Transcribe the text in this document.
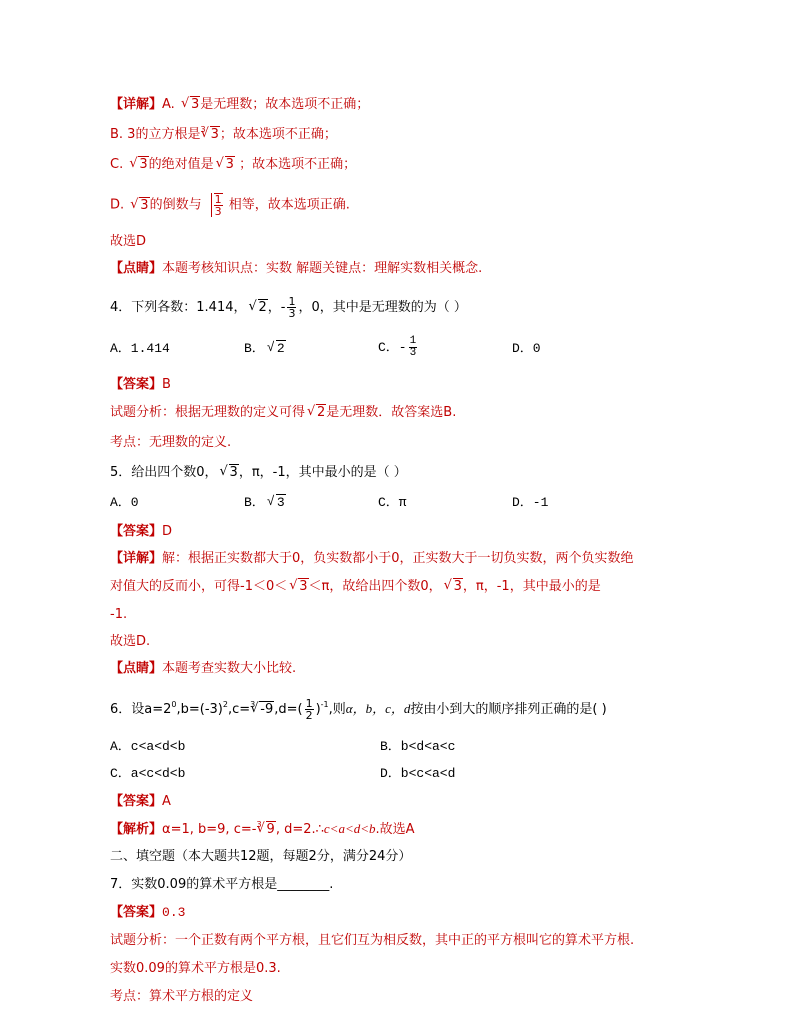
【详解】A. √ 3是无理数；故本选项不正确；
B. 3的立方根是$^3$√ 3；故本选项不正确；
C. √ 3的绝对值是√ 3 ；故本选项不正确；
D. √ 3的倒数与 $\frac{1}{3}$ 相等，故本选项正确.
故选D
【点睛】本题考核知识点：实数 解题关键点：理解实数相关概念.
4．下列各数：1.414，√ 2，- $\frac{1}{3}$ ，0，其中是无理数的为（ ）
A．1.414	B．√ 2	C．- $\frac{1}{3}$	D．0
【答案】B
试题分析：根据无理数的定义可得√ 2是无理数．故答案选B.
考点：无理数的定义.
5．给出四个数0，√ 3，π，-1，其中最小的是（ ）
A．0	B．√ 3	C．π	D．-1
【答案】D
【详解】解：根据正实数都大于0，负实数都小于0，正实数大于一切负实数，两个负实数绝
对值大的反而小，可得-1＜0＜√ 3＜π，故给出四个数0，√ 3，π，-1，其中最小的是
-1.
故选D.
【点睛】本题考查实数大小比较.
6．设$a=2^0,b=(-3)^2,c=^3√$ $-9,d=( \frac{1}{2} )^{-1}$,则α，b，c，d按由小到大的顺序排列正确的是( )
A．c<a<d<b	B．b<d<a<c
C．a<c<d<b	D．b<c<a<d
【答案】A
【解析】α=1, b=9, c=-$^3$√ 9, d=2.∴c<a<d<b.故选A
二、填空题（本大题共12题，每题2分，满分24分）
7．实数0.09的算术平方根是________.
【答案】0.3
试题分析：一个正数有两个平方根，且它们互为相反数，其中正的平方根叫它的算术平方根.
实数0.09的算术平方根是0.3.
考点：算术平方根的定义
